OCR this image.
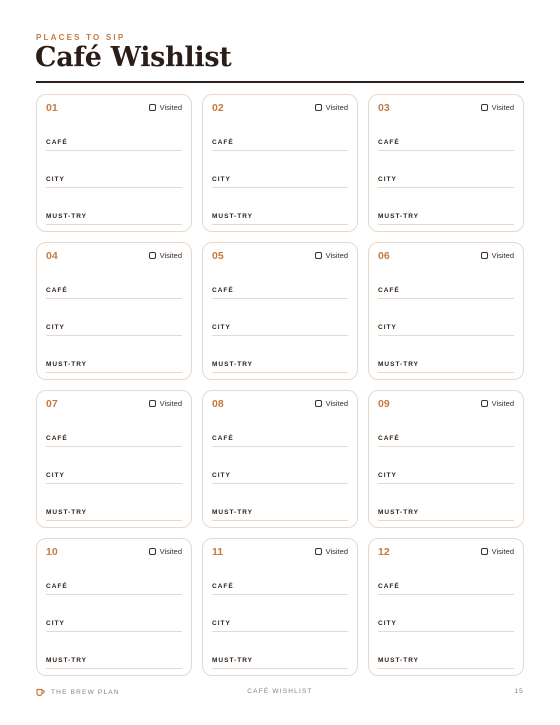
PLACES TO SIP
Café Wishlist
01	Visited
CAFÉ
CITY
MUST-TRY
02	Visited
CAFÉ
CITY
MUST-TRY
03	Visited
CAFÉ
CITY
MUST-TRY
04	Visited
CAFÉ
CITY
MUST-TRY
05	Visited
CAFÉ
CITY
MUST-TRY
06	Visited
CAFÉ
CITY
MUST-TRY
07	Visited
CAFÉ
CITY
MUST-TRY
08	Visited
CAFÉ
CITY
MUST-TRY
09	Visited
CAFÉ
CITY
MUST-TRY
10	Visited
CAFÉ
CITY
MUST-TRY
11	Visited
CAFÉ
CITY
MUST-TRY
12	Visited
CAFÉ
CITY
MUST-TRY
THE BREW PLAN	CAFÉ WISHLIST	15
